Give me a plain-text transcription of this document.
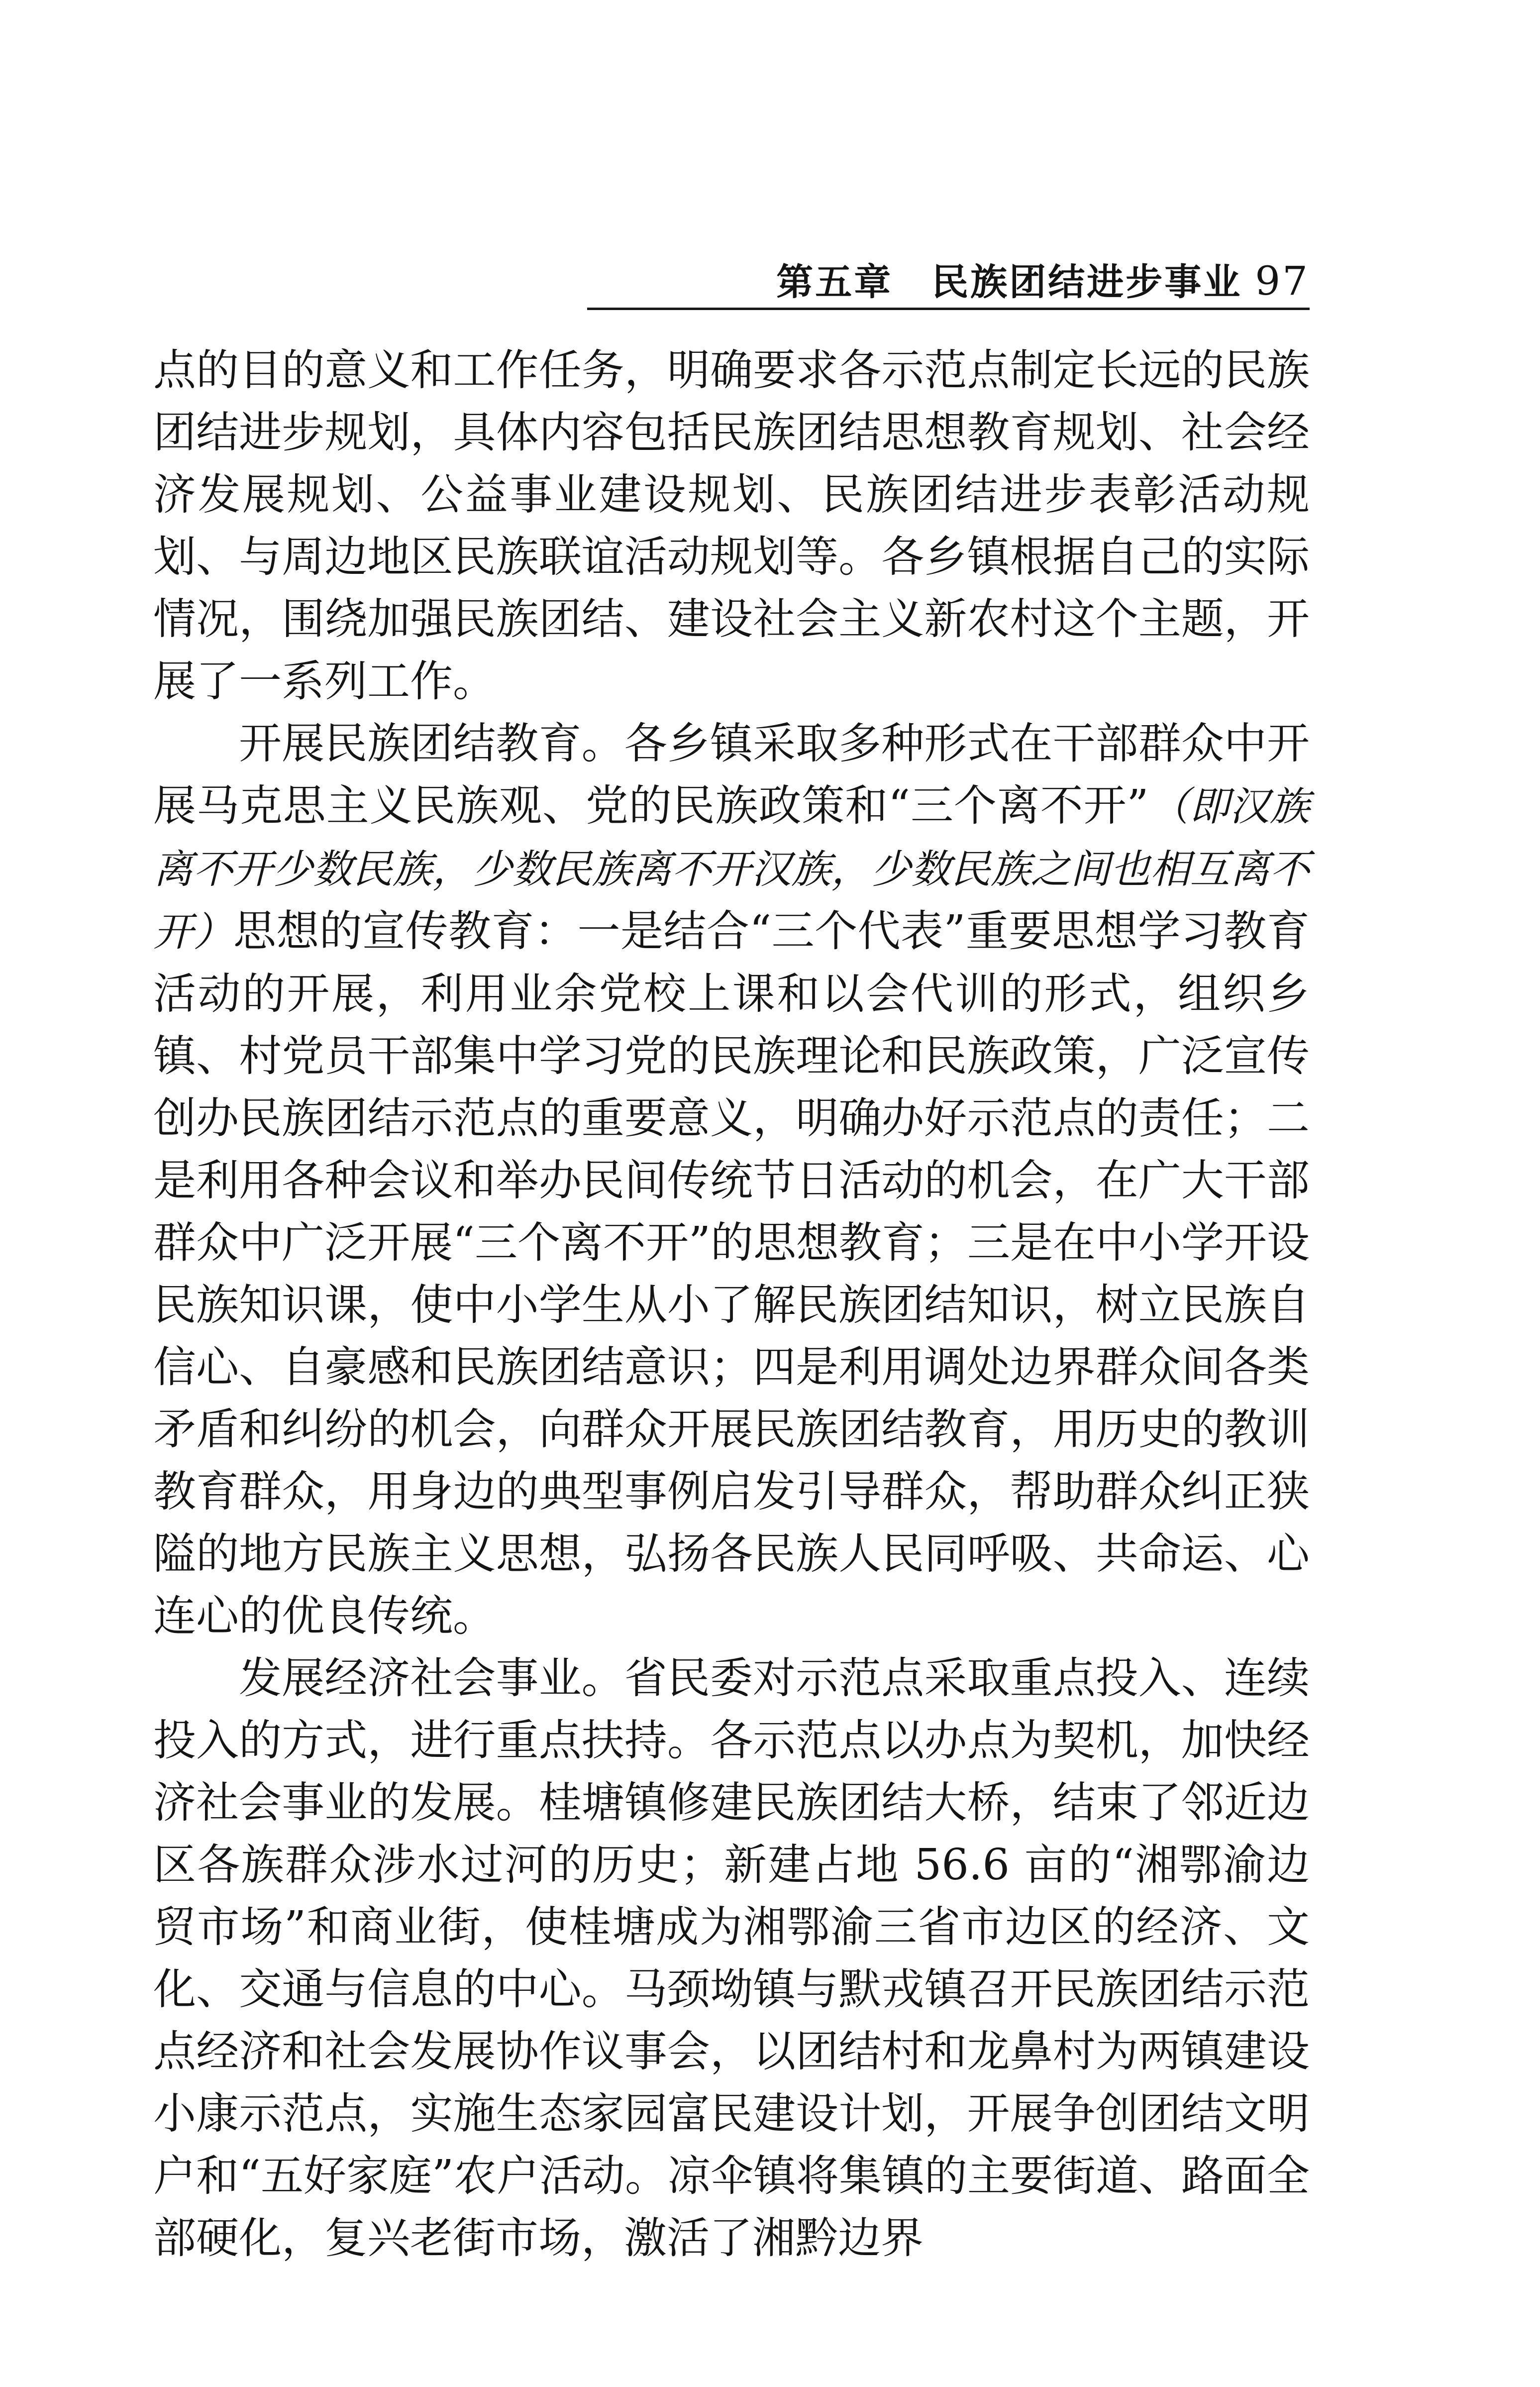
第五章　民族团结进步事业 97

点的目的意义和工作任务，明确要求各示范点制定长远的民族团结进步规划，具体内容包括民族团结思想教育规划、社会经济发展规划、公益事业建设规划、民族团结进步表彰活动规划、与周边地区民族联谊活动规划等。各乡镇根据自己的实际情况，围绕加强民族团结、建设社会主义新农村这个主题，开展了一系列工作。

开展民族团结教育。各乡镇采取多种形式在干部群众中开展马克思主义民族观、党的民族政策和“三个离不开”（即汉族离不开少数民族，少数民族离不开汉族，少数民族之间也相互离不开）思想的宣传教育：一是结合“三个代表”重要思想学习教育活动的开展，利用业余党校上课和以会代训的形式，组织乡镇、村党员干部集中学习党的民族理论和民族政策，广泛宣传创办民族团结示范点的重要意义，明确办好示范点的责任；二是利用各种会议和举办民间传统节日活动的机会，在广大干部群众中广泛开展“三个离不开”的思想教育；三是在中小学开设民族知识课，使中小学生从小了解民族团结知识，树立民族自信心、自豪感和民族团结意识；四是利用调处边界群众间各类矛盾和纠纷的机会，向群众开展民族团结教育，用历史的教训教育群众，用身边的典型事例启发引导群众，帮助群众纠正狭隘的地方民族主义思想，弘扬各民族人民同呼吸、共命运、心连心的优良传统。

发展经济社会事业。省民委对示范点采取重点投入、连续投入的方式，进行重点扶持。各示范点以办点为契机，加快经济社会事业的发展。桂塘镇修建民族团结大桥，结束了邻近边区各族群众涉水过河的历史；新建占地 56.6 亩的“湘鄂渝边贸市场”和商业街，使桂塘成为湘鄂渝三省市边区的经济、文化、交通与信息的中心。马颈坳镇与默戎镇召开民族团结示范点经济和社会发展协作议事会，以团结村和龙鼻村为两镇建设小康示范点，实施生态家园富民建设计划，开展争创团结文明户和“五好家庭”农户活动。凉伞镇将集镇的主要街道、路面全部硬化，复兴老街市场，激活了湘黔边界
